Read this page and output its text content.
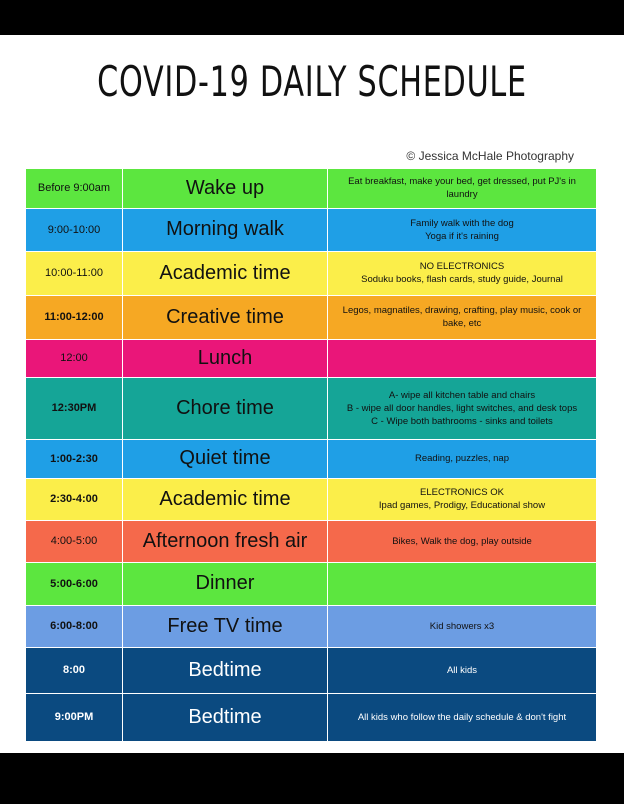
COVID-19 DAILY SCHEDULE
© Jessica McHale Photography
Before 9:00am	Wake up	Eat breakfast, make your bed, get dressed, put PJ's in laundry

9:00-10:00	Morning walk	Family walk with the dog
Yoga if it's raining

10:00-11:00	Academic time	NO ELECTRONICS
Soduku books, flash cards, study guide, Journal

11:00-12:00	Creative time	Legos, magnatiles, drawing, crafting, play music, cook or bake, etc

12:00	Lunch	
12:30PM	Chore time	A- wipe all kitchen table and chairs
B - wipe all door handles, light switches, and desk tops
C - Wipe both bathrooms - sinks and toilets

1:00-2:30	Quiet time	Reading, puzzles, nap

2:30-4:00	Academic time	ELECTRONICS OK
Ipad games, Prodigy, Educational show

4:00-5:00	Afternoon fresh air	Bikes, Walk the dog, play outside

5:00-6:00	Dinner	
6:00-8:00	Free TV time	Kid showers x3

8:00	Bedtime	All kids

9:00PM	Bedtime	All kids who follow the daily schedule & don't fight
